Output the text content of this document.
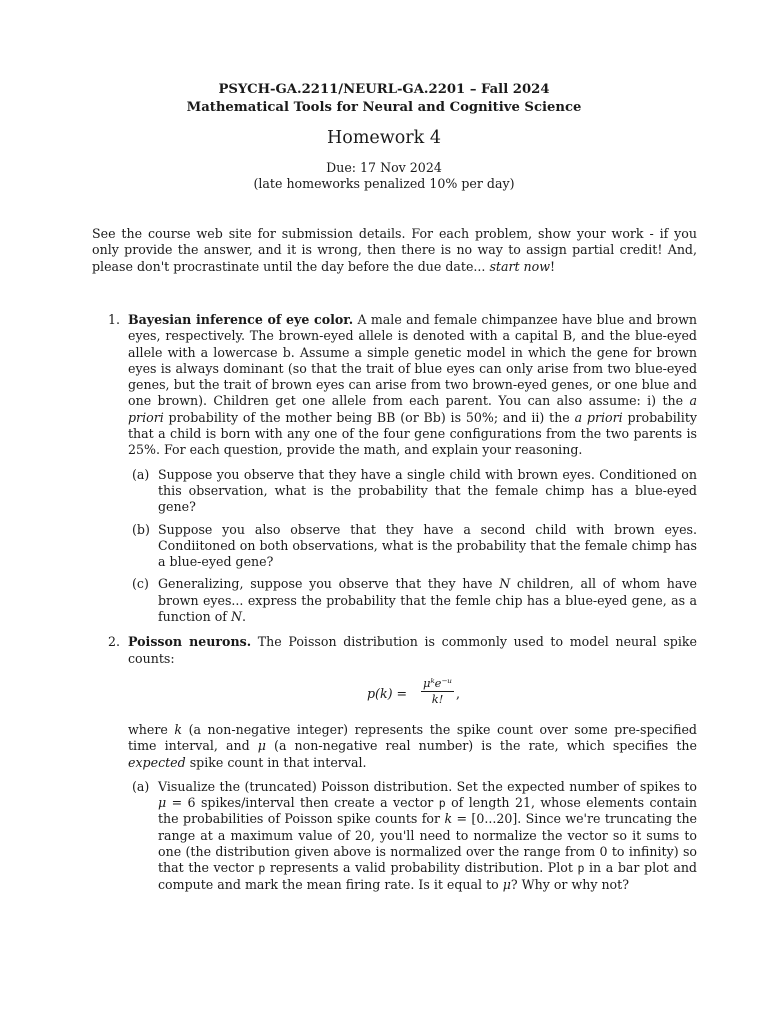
PSYCH-GA.2211/NEURL-GA.2201 – Fall 2024
Mathematical Tools for Neural and Cognitive Science
Homework 4
Due: 17 Nov 2024
(late homeworks penalized 10% per day)
See the course web site for submission details. For each problem, show your work - if you only provide the answer, and it is wrong, then there is no way to assign partial credit! And, please don't procrastinate until the day before the due date... start now!
1. Bayesian inference of eye color. A male and female chimpanzee have blue and brown eyes, respectively. The brown-eyed allele is denoted with a capital B, and the blue-eyed allele with a lowercase b. Assume a simple genetic model in which the gene for brown eyes is always dominant (so that the trait of blue eyes can only arise from two blue-eyed genes, but the trait of brown eyes can arise from two brown-eyed genes, or one blue and one brown). Children get one allele from each parent. You can also assume: i) the a priori probability of the mother being BB (or Bb) is 50%; and ii) the a priori probability that a child is born with any one of the four gene configurations from the two parents is 25%. For each question, provide the math, and explain your reasoning.
(a) Suppose you observe that they have a single child with brown eyes. Conditioned on this observation, what is the probability that the female chimp has a blue-eyed gene?
(b) Suppose you also observe that they have a second child with brown eyes. Condiitoned on both observations, what is the probability that the female chimp has a blue-eyed gene?
(c) Generalizing, suppose you observe that they have N children, all of whom have brown eyes... express the probability that the femle chip has a blue-eyed gene, as a function of N.
2. Poisson neurons. The Poisson distribution is commonly used to model neural spike counts:
p(k) =
μᵏe⁻ᵘ
k!	,
where k (a non-negative integer) represents the spike count over some pre-specified time interval, and μ (a non-negative real number) is the rate, which specifies the expected spike count in that interval.
(a) Visualize the (truncated) Poisson distribution. Set the expected number of spikes to μ = 6 spikes/interval then create a vector p of length 21, whose elements contain the probabilities of Poisson spike counts for k = [0...20]. Since we're truncating the range at a maximum value of 20, you'll need to normalize the vector so it sums to one (the distribution given above is normalized over the range from 0 to infinity) so that the vector p represents a valid probability distribution. Plot p in a bar plot and compute and mark the mean firing rate. Is it equal to μ? Why or why not?
